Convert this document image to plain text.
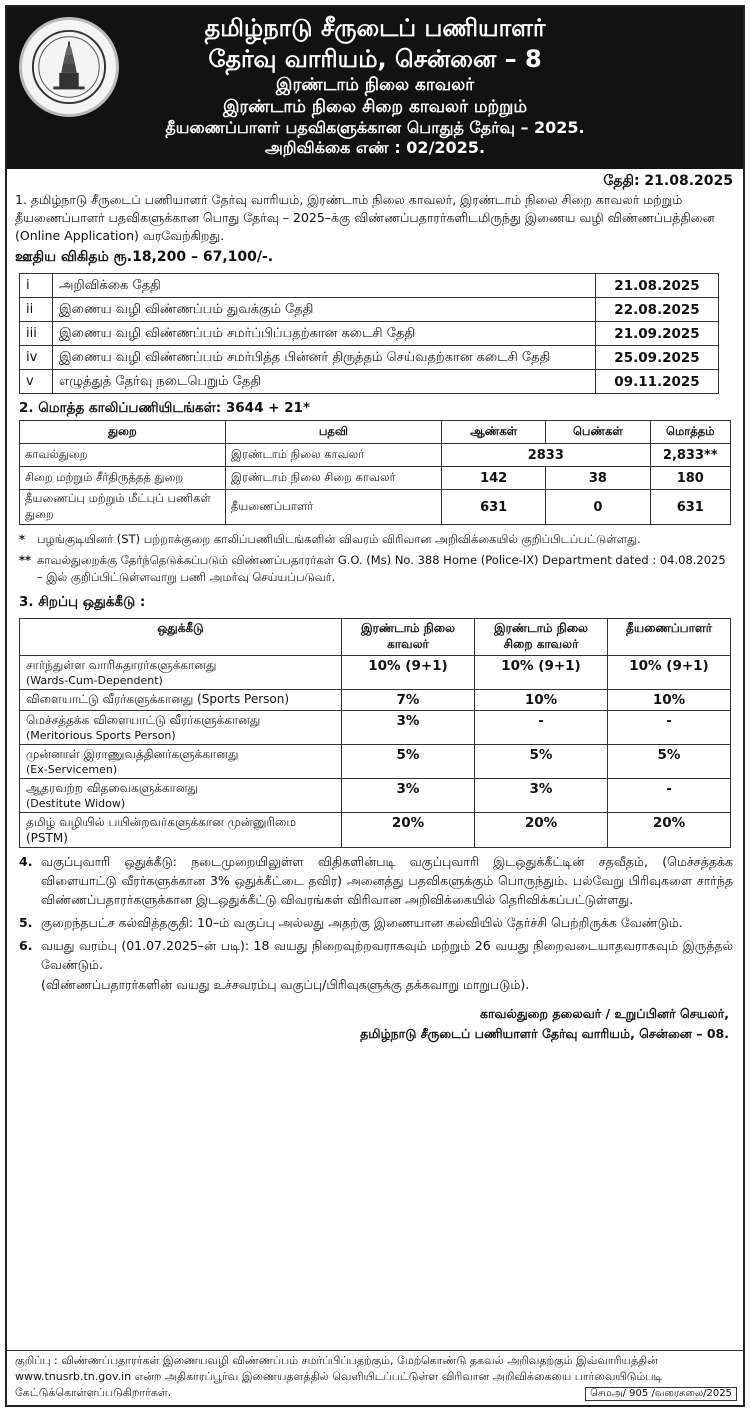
தமிழ்நாடு சீருடைப் பணியாளர்
தேர்வு வாரியம், சென்னை – 8
இரண்டாம் நிலை காவலர்
இரண்டாம் நிலை சிறை காவலர் மற்றும்
தீயணைப்பாளர் பதவிகளுக்கான பொதுத் தேர்வு – 2025.
அறிவிக்கை எண் : 02/2025.
தேதி: 21.08.2025
1. தமிழ்நாடு சீருடைப் பணியாளர் தேர்வு வாரியம், இரண்டாம் நிலை காவலர், இரண்டாம் நிலை சிறை காவலர் மற்றும் தீயணைப்பாளர் பதவிகளுக்கான பொது தேர்வு – 2025–க்கு விண்ணப்பதாரர்களிடமிருந்து இணைய வழி விண்ணப்பத்தினை (Online Application) வரவேற்கிறது.
ஊதிய விகிதம் ரூ.18,200 – 67,100/-.
i	அறிவிக்கை தேதி	21.08.2025
ii	இணைய வழி விண்ணப்பம் துவக்கும் தேதி	22.08.2025
iii	இணைய வழி விண்ணப்பம் சமர்ப்பிப்பதற்கான கடைசி தேதி	21.09.2025
iv	இணைய வழி விண்ணப்பம் சமர்பித்த பின்னர் திருத்தம் செய்வதற்கான கடைசி தேதி	25.09.2025
v	எழுத்துத் தேர்வு நடைபெறும் தேதி	09.11.2025
2. மொத்த காலிப்பணியிடங்கள்: 3644 + 21*
துறை	பதவி	ஆண்கள்	பெண்கள்	மொத்தம்
காவல்துறை	இரண்டாம் நிலை காவலர்	2833		2,833**
சிறை மற்றும் சீர்திருத்தத் துறை	இரண்டாம் நிலை சிறை காவலர்	142	38	180
தீயணைப்பு மற்றும் மீட்புப் பணிகள் துறை	தீயணைப்பாளர்	631	0	631
*	பழங்குடியினர் (ST) பற்றாக்குறை காலிப்பணியிடங்களின் விவரம் விரிவான அறிவிக்கையில் குறிப்பிடப்பட்டுள்ளது.
** காவல்துறைக்கு தேர்ந்தெடுக்கப்படும் விண்ணப்பதாரர்கள் G.O. (Ms) No. 388 Home (Police-IX) Department dated : 04.08.2025 – இல் குறிப்பிட்டுள்ளவாறு பணி அமர்வு செய்யப்படுவர்.
3. சிறப்பு ஒதுக்கீடு :
ஒதுக்கீடு	இரண்டாம் நிலை காவலர்	இரண்டாம் நிலை சிறை காவலர்	தீயணைப்பாளர்

சார்ந்துள்ள வாரிசுதாரர்களுக்கானது
(Wards-Cum-Dependent)	10% (9+1)	10% (9+1)	10% (9+1)

விளையாட்டு வீரர்களுக்கானது (Sports Person)	7%	10%	10%

மெச்சத்தக்க விளையாட்டு வீரர்களுக்கானது
(Meritorious Sports Person)	3%	-	-

முன்னாள் இராணுவத்தினர்களுக்கானது
(Ex-Servicemen)	5%	5%	5%

ஆதரவற்ற விதவைகளுக்கானது
(Destitute Widow)	3%	3%	-

தமிழ் வழியில் பயின்றவர்களுக்கான முன்னுரிமை (PSTM)	20%	20%	20%
4. வகுப்புவாரி ஒதுக்கீடு: நடைமுறையிலுள்ள விதிகளின்படி வகுப்புவாரி இடஒதுக்கீட்டின் சதவீதம், (மெச்சத்தக்க விளையாட்டு வீரர்களுக்கான 3% ஒதுக்கீட்டை தவிர) அனைத்து பதவிகளுக்கும் பொருந்தும். பல்வேறு பிரிவுகளை சார்ந்த விண்ணப்பதாரர்களுக்கான இடஒதுக்கீட்டு விவரங்கள் விரிவான அறிவிக்கையில் தெரிவிக்கப்பட்டுள்ளது.
5. குறைந்தபட்ச கல்வித்தகுதி: 10–ம் வகுப்பு அல்லது அதற்கு இணையான கல்வியில் தேர்ச்சி பெற்றிருக்க வேண்டும்.
6. வயது வரம்பு (01.07.2025–ன் படி): 18 வயது நிறைவுற்றவராகவும் மற்றும் 26 வயது நிறைவடையாதவராகவும் இருத்தல் வேண்டும்.
(விண்ணப்பதாரர்களின் வயது உச்சவரம்பு வகுப்பு/பிரிவுகளுக்கு தக்கவாறு மாறுபடும்).
காவல்துறை தலைவர் / உறுப்பினர் செயலர்,
தமிழ்நாடு சீருடைப் பணியாளர் தேர்வு வாரியம், சென்னை – 08.
குறிப்பு : விண்ணப்பதாரர்கள் இணையவழி விண்ணப்பம் சமர்ப்பிப்பதற்கும், மேற்கொண்டு தகவல் அறிவதற்கும் இவ்வாரியத்தின் www.tnusrb.tn.gov.in என்ற அதிகாரப்பூர்வ இணையதளத்தில் வெளியிடப்பட்டுள்ள விரிவான அறிவிக்கையை பார்வையிடும்படி கேட்டுக்கொள்ளப்படுகிறார்கள்.	செமஅ/ 905 /வரைகலை/2025
